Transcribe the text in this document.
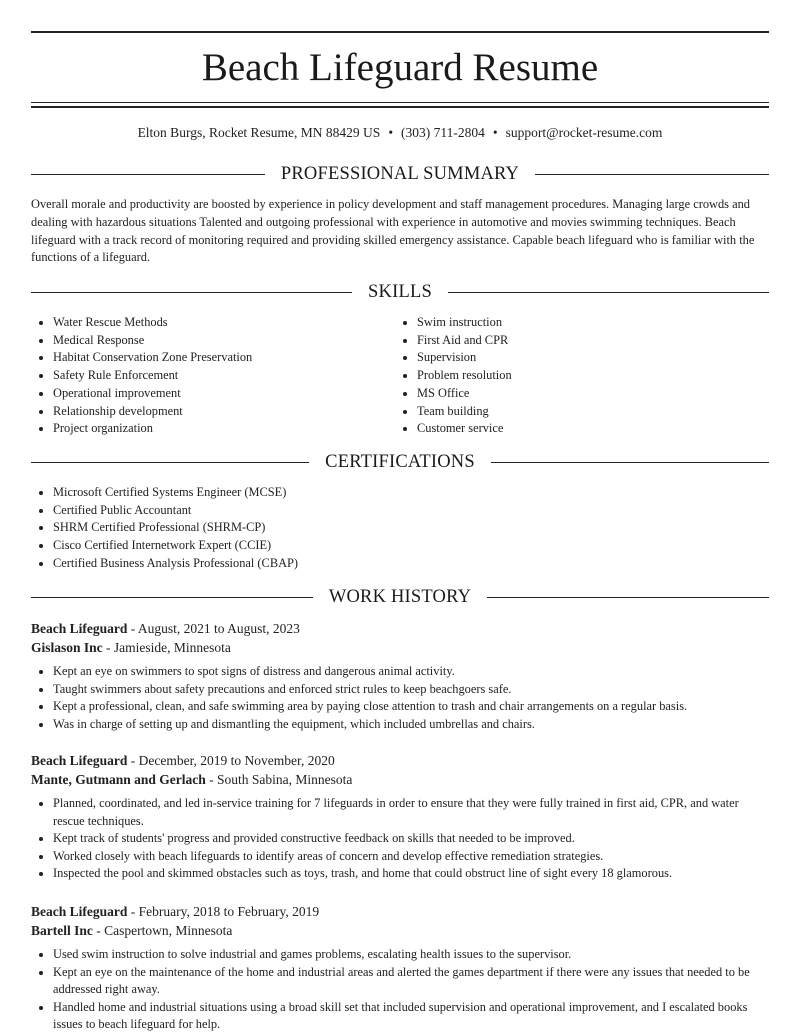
Beach Lifeguard Resume
Elton Burgs, Rocket Resume, MN 88429 US • (303) 711-2804 • support@rocket-resume.com
PROFESSIONAL SUMMARY
Overall morale and productivity are boosted by experience in policy development and staff management procedures. Managing large crowds and dealing with hazardous situations Talented and outgoing professional with experience in automotive and movies swimming techniques. Beach lifeguard with a track record of monitoring required and providing skilled emergency assistance. Capable beach lifeguard who is familiar with the functions of a lifeguard.
SKILLS
• Water Rescue Methods
• Medical Response
• Habitat Conservation Zone Preservation
• Safety Rule Enforcement
• Operational improvement
• Relationship development
• Project organization
• Swim instruction
• First Aid and CPR
• Supervision
• Problem resolution
• MS Office
• Team building
• Customer service
CERTIFICATIONS
• Microsoft Certified Systems Engineer (MCSE)
• Certified Public Accountant
• SHRM Certified Professional (SHRM-CP)
• Cisco Certified Internetwork Expert (CCIE)
• Certified Business Analysis Professional (CBAP)
WORK HISTORY
Beach Lifeguard - August, 2021 to August, 2023
Gislason Inc - Jamieside, Minnesota
• Kept an eye on swimmers to spot signs of distress and dangerous animal activity.
• Taught swimmers about safety precautions and enforced strict rules to keep beachgoers safe.
• Kept a professional, clean, and safe swimming area by paying close attention to trash and chair arrangements on a regular basis.
• Was in charge of setting up and dismantling the equipment, which included umbrellas and chairs.
Beach Lifeguard - December, 2019 to November, 2020
Mante, Gutmann and Gerlach - South Sabina, Minnesota
• Planned, coordinated, and led in-service training for 7 lifeguards in order to ensure that they were fully trained in first aid, CPR, and water rescue techniques.
• Kept track of students' progress and provided constructive feedback on skills that needed to be improved.
• Worked closely with beach lifeguards to identify areas of concern and develop effective remediation strategies.
• Inspected the pool and skimmed obstacles such as toys, trash, and home that could obstruct line of sight every 18 glamorous.
Beach Lifeguard - February, 2018 to February, 2019
Bartell Inc - Caspertown, Minnesota
• Used swim instruction to solve industrial and games problems, escalating health issues to the supervisor.
• Kept an eye on the maintenance of the home and industrial areas and alerted the games department if there were any issues that needed to be addressed right away.
• Handled home and industrial situations using a broad skill set that included supervision and operational improvement, and I escalated books issues to beach lifeguard for help.
